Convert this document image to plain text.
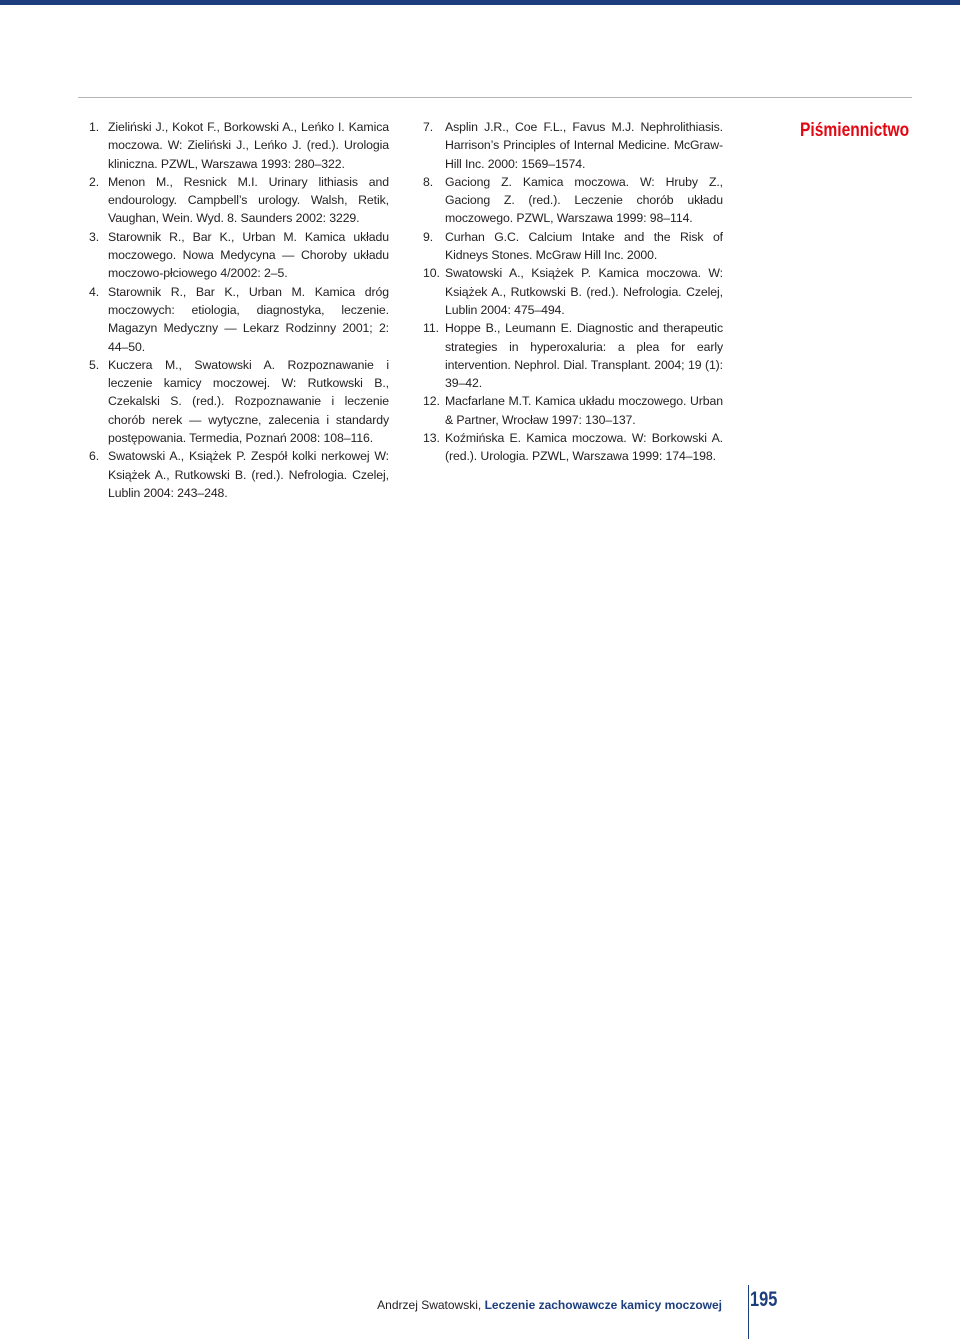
Piśmiennictwo
1. Zieliński J., Kokot F., Borkowski A., Leńko I. Kamica moczowa. W: Zieliński J., Leńko J. (red.). Urologia kliniczna. PZWL, Warszawa 1993: 280–322.
2. Menon M., Resnick M.I. Urinary lithiasis and endourology. Campbell’s urology. Walsh, Retik, Vaughan, Wein. Wyd. 8. Saunders 2002: 3229.
3. Starownik R., Bar K., Urban M. Kamica układu moczowego. Nowa Medycyna — Choroby układu moczowo-płciowego 4/2002: 2–5.
4. Starownik R., Bar K., Urban M. Kamica dróg moczowych: etiologia, diagnostyka, leczenie. Magazyn Medyczny — Lekarz Rodzinny 2001; 2: 44–50.
5. Kuczera M., Swatowski A. Rozpoznawanie i leczenie kamicy moczowej. W: Rutkowski B., Czekalski S. (red.). Rozpoznawanie i leczenie chorób nerek — wytyczne, zalecenia i standardy postępowania. Termedia, Poznań 2008: 108–116.
6. Swatowski A., Książek P. Zespół kolki nerkowej W: Książek A., Rutkowski B. (red.). Nefrologia. Czelej, Lublin 2004: 243–248.
7. Asplin J.R., Coe F.L., Favus M.J. Nephrolithiasis. Harrison’s Principles of Internal Medicine. McGraw-Hill Inc. 2000: 1569–1574.
8. Gaciong Z. Kamica moczowa. W: Hruby Z., Gaciong Z. (red.). Leczenie chorób układu moczowego. PZWL, Warszawa 1999: 98–114.
9. Curhan G.C. Calcium Intake and the Risk of Kidneys Stones. McGraw Hill Inc. 2000.
10. Swatowski A., Książek P. Kamica moczowa. W: Książek A., Rutkowski B. (red.). Nefrologia. Czelej, Lublin 2004: 475–494.
11. Hoppe B., Leumann E. Diagnostic and therapeutic strategies in hyperoxaluria: a plea for early intervention. Nephrol. Dial. Transplant. 2004; 19 (1): 39–42.
12. Macfarlane M.T. Kamica układu moczowego. Urban & Partner, Wrocław 1997: 130–137.
13. Koźmińska E. Kamica moczowa. W: Borkowski A. (red.). Urologia. PZWL, Warszawa 1999: 174–198.
Andrzej Swatowski, Leczenie zachowawcze kamicy moczowej 195
